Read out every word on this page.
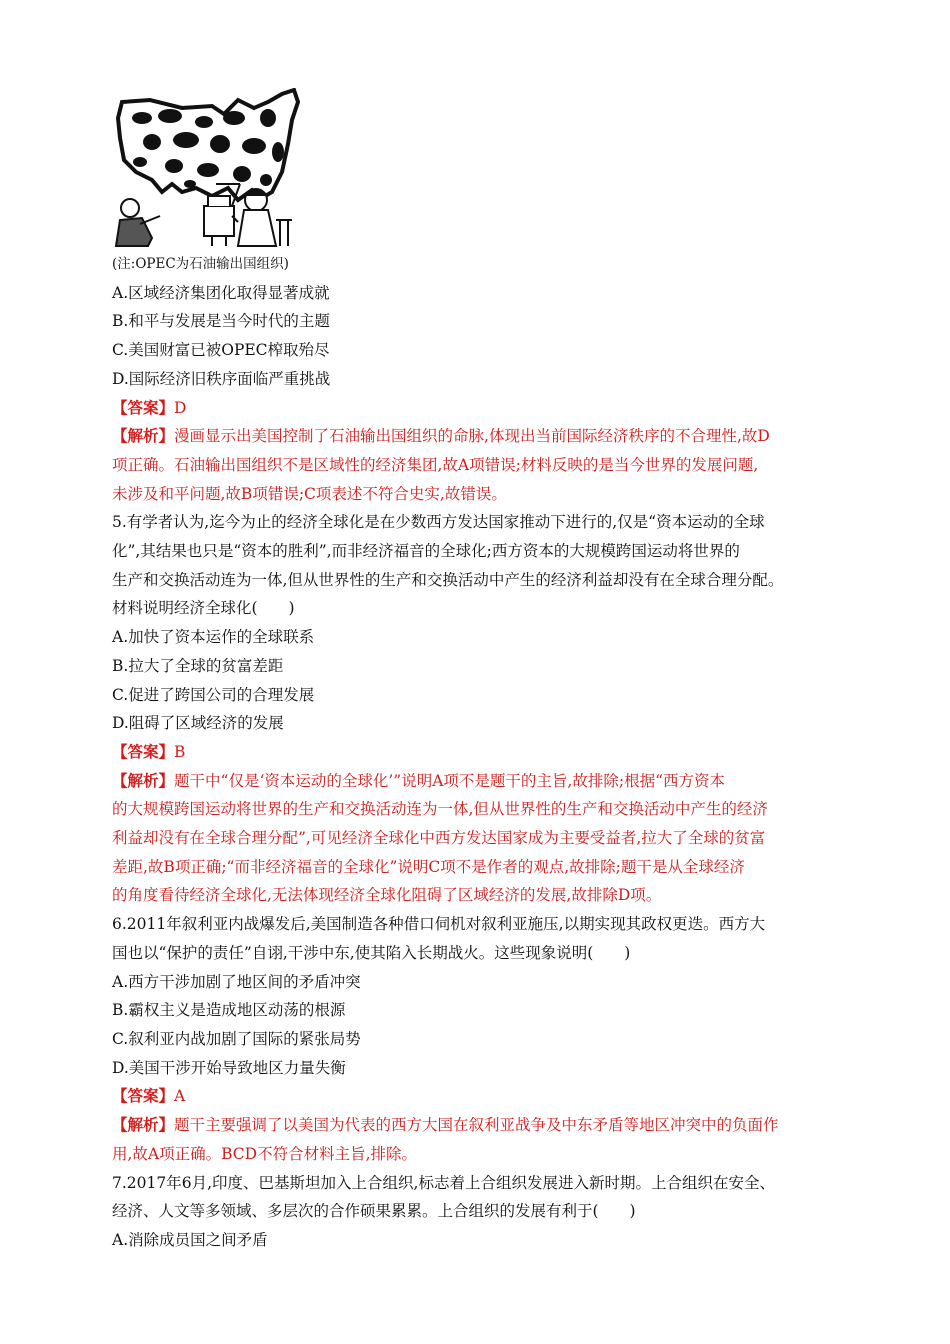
(注:OPEC为石油输出国组织)
A.区域经济集团化取得显著成就
B.和平与发展是当今时代的主题
C.美国财富已被OPEC榨取殆尽
D.国际经济旧秩序面临严重挑战
【答案】D
【解析】漫画显示出美国控制了石油输出国组织的命脉,体现出当前国际经济秩序的不合理性,故D
项正确。石油输出国组织不是区域性的经济集团,故A项错误;材料反映的是当今世界的发展问题,
未涉及和平问题,故B项错误;C项表述不符合史实,故错误。
5.有学者认为,迄今为止的经济全球化是在少数西方发达国家推动下进行的,仅是“资本运动的全球
化”,其结果也只是“资本的胜利”,而非经济福音的全球化;西方资本的大规模跨国运动将世界的
生产和交换活动连为一体,但从世界性的生产和交换活动中产生的经济利益却没有在全球合理分配。
材料说明经济全球化(　　)
A.加快了资本运作的全球联系
B.拉大了全球的贫富差距
C.促进了跨国公司的合理发展
D.阻碍了区域经济的发展
【答案】B
【解析】题干中“仅是‘资本运动的全球化’”说明A项不是题干的主旨,故排除;根据“西方资本
的大规模跨国运动将世界的生产和交换活动连为一体,但从世界性的生产和交换活动中产生的经济
利益却没有在全球合理分配”,可见经济全球化中西方发达国家成为主要受益者,拉大了全球的贫富
差距,故B项正确;“而非经济福音的全球化”说明C项不是作者的观点,故排除;题干是从全球经济
的角度看待经济全球化,无法体现经济全球化阻碍了区域经济的发展,故排除D项。
6.2011年叙利亚内战爆发后,美国制造各种借口伺机对叙利亚施压,以期实现其政权更迭。西方大
国也以“保护的责任”自诩,干涉中东,使其陷入长期战火。这些现象说明(　　)
A.西方干涉加剧了地区间的矛盾冲突
B.霸权主义是造成地区动荡的根源
C.叙利亚内战加剧了国际的紧张局势
D.美国干涉开始导致地区力量失衡
【答案】A
【解析】题干主要强调了以美国为代表的西方大国在叙利亚战争及中东矛盾等地区冲突中的负面作
用,故A项正确。BCD不符合材料主旨,排除。
7.2017年6月,印度、巴基斯坦加入上合组织,标志着上合组织发展进入新时期。上合组织在安全、
经济、人文等多领域、多层次的合作硕果累累。上合组织的发展有利于(　　)
A.消除成员国之间矛盾
